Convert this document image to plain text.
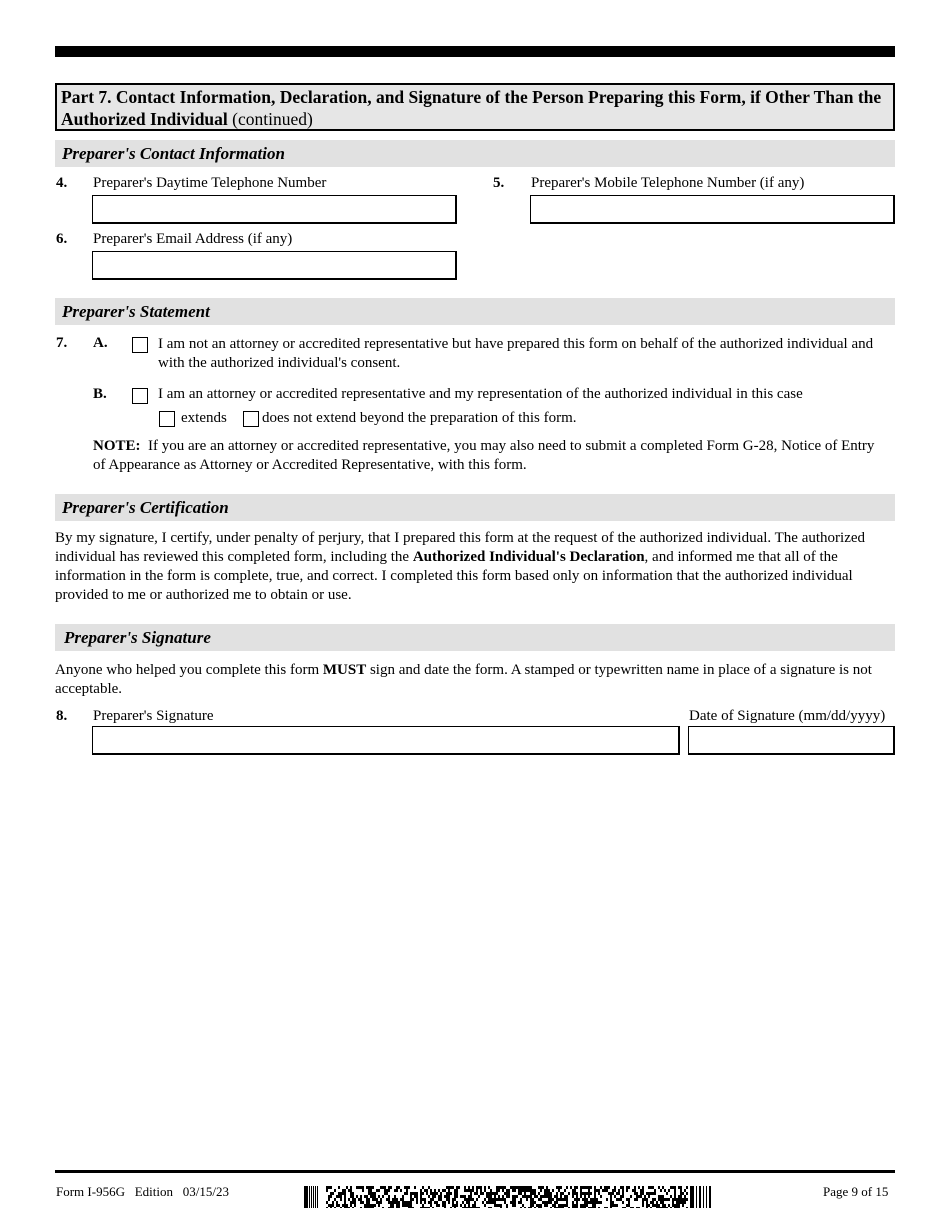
Part 7. Contact Information, Declaration, and Signature of the Person Preparing this Form, if Other Than the Authorized Individual (continued)
Preparer's Contact Information
4. Preparer's Daytime Telephone Number	5. Preparer's Mobile Telephone Number (if any)
6. Preparer's Email Address (if any)
Preparer's Statement
7. A.	I am not an attorney or accredited representative but have prepared this form on behalf of the authorized individual and with the authorized individual's consent.
B.	I am an attorney or accredited representative and my representation of the authorized individual in this case
extends does not extend beyond the preparation of this form.
NOTE:  If you are an attorney or accredited representative, you may also need to submit a completed Form G-28, Notice of Entry of Appearance as Attorney or Accredited Representative, with this form.
Preparer's Certification
By my signature, I certify, under penalty of perjury, that I prepared this form at the request of the authorized individual. The authorized individual has reviewed this completed form, including the Authorized Individual's Declaration, and informed me that all of the information in the form is complete, true, and correct. I completed this form based only on information that the authorized individual provided to me or authorized me to obtain or use.
Preparer's Signature
Anyone who helped you complete this form MUST sign and date the form. A stamped or typewritten name in place of a signature is not acceptable.
8. Preparer's Signature	Date of Signature (mm/dd/yyyy)
Form I-956G   Edition   03/15/23	Page 9 of 15
